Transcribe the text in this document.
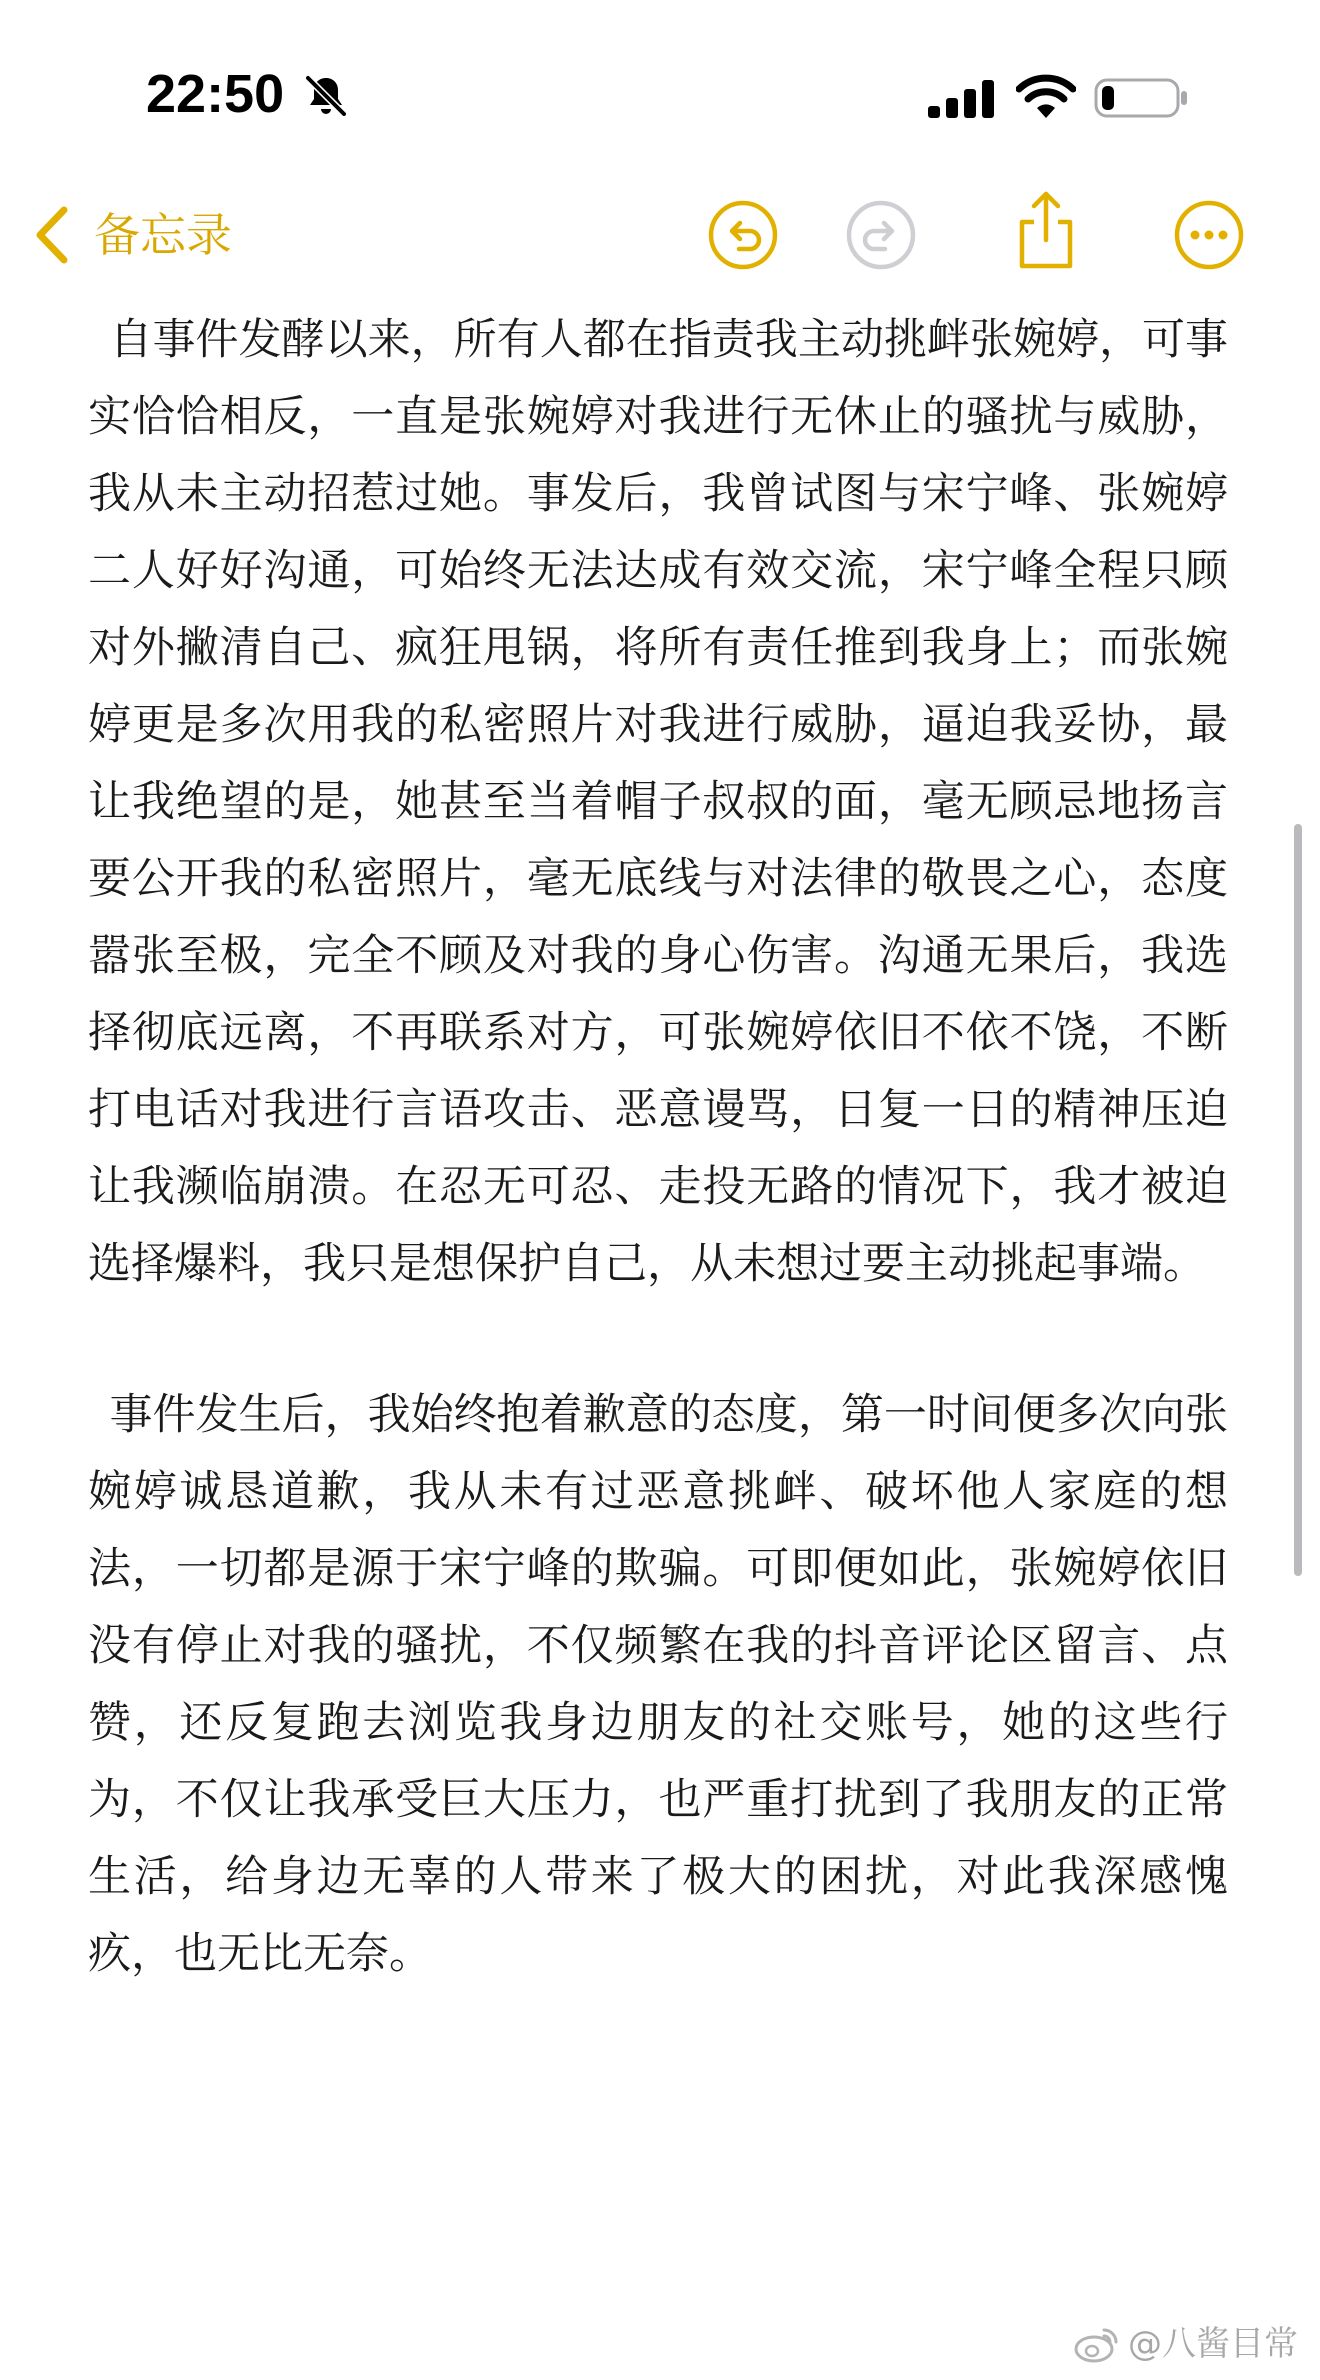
22:50
备忘录

自事件发酵以来，所有人都在指责我主动挑衅张婉婷，可事实恰恰相反，一直是张婉婷对我进行无休止的骚扰与威胁，我从未主动招惹过她。事发后，我曾试图与宋宁峰、张婉婷二人好好沟通，可始终无法达成有效交流，宋宁峰全程只顾对外撇清自己、疯狂甩锅，将所有责任推到我身上；而张婉婷更是多次用我的私密照片对我进行威胁，逼迫我妥协，最让我绝望的是，她甚至当着帽子叔叔的面，毫无顾忌地扬言要公开我的私密照片，毫无底线与对法律的敬畏之心，态度嚣张至极，完全不顾及对我的身心伤害。沟通无果后，我选择彻底远离，不再联系对方，可张婉婷依旧不依不饶，不断打电话对我进行言语攻击、恶意谩骂，日复一日的精神压迫让我濒临崩溃。在忍无可忍、走投无路的情况下，我才被迫选择爆料，我只是想保护自己，从未想过要主动挑起事端。

事件发生后，我始终抱着歉意的态度，第一时间便多次向张婉婷诚恳道歉，我从未有过恶意挑衅、破坏他人家庭的想法，一切都是源于宋宁峰的欺骗。可即便如此，张婉婷依旧没有停止对我的骚扰，不仅频繁在我的抖音评论区留言、点赞，还反复跑去浏览我身边朋友的社交账号，她的这些行为，不仅让我承受巨大压力，也严重打扰到了我朋友的正常生活，给身边无辜的人带来了极大的困扰，对此我深感愧疚，也无比无奈。

@八酱目常
